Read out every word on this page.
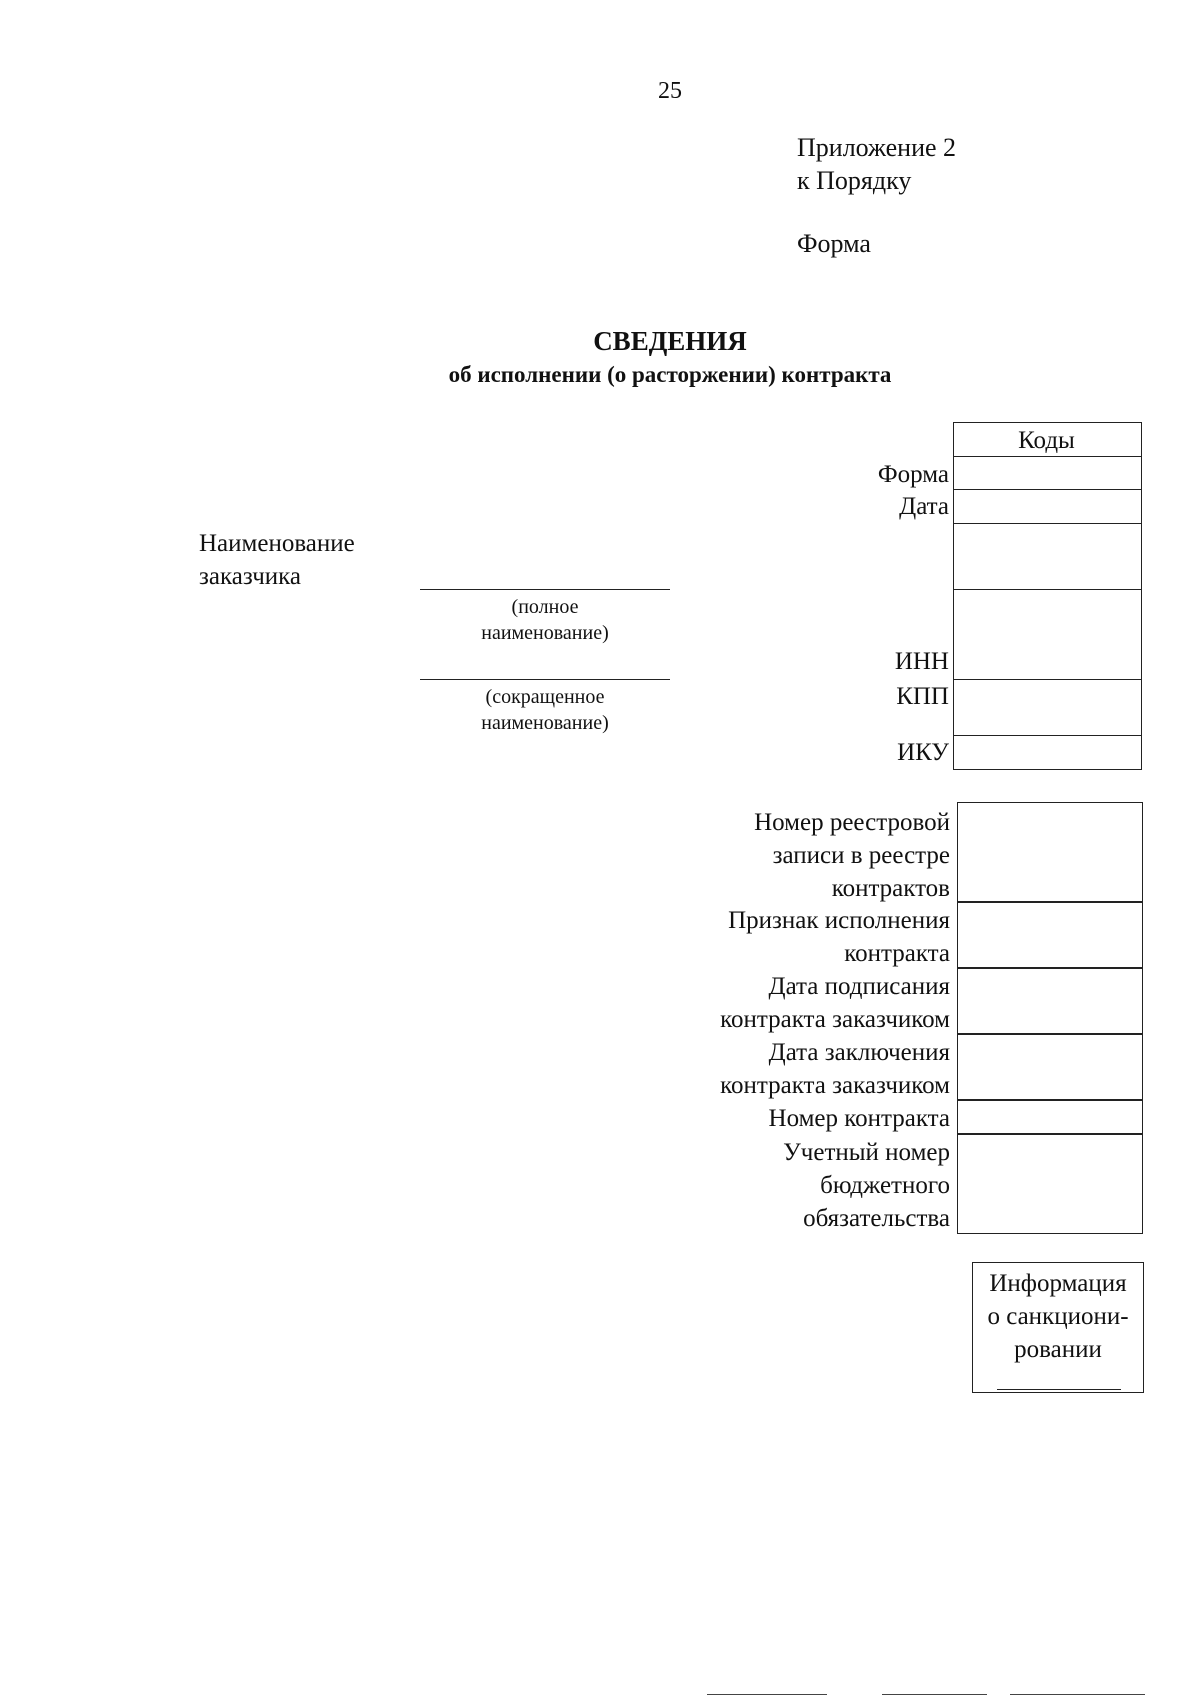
25
Приложение 2
к Порядку
Форма
СВЕДЕНИЯ
об исполнении (о расторжении) контракта
Наименование
заказчика
(полное
наименование)
(сокращенное
наименование)
Коды
Форма
Дата
ИНН
КПП
ИКУ
Номер реестровой
записи в реестре
контрактов
Признак исполнения
контракта
Дата подписания
контракта заказчиком
Дата заключения
контракта заказчиком
Номер контракта
Учетный номер
бюджетного
обязательства
Информация
о санкциони-
ровании
